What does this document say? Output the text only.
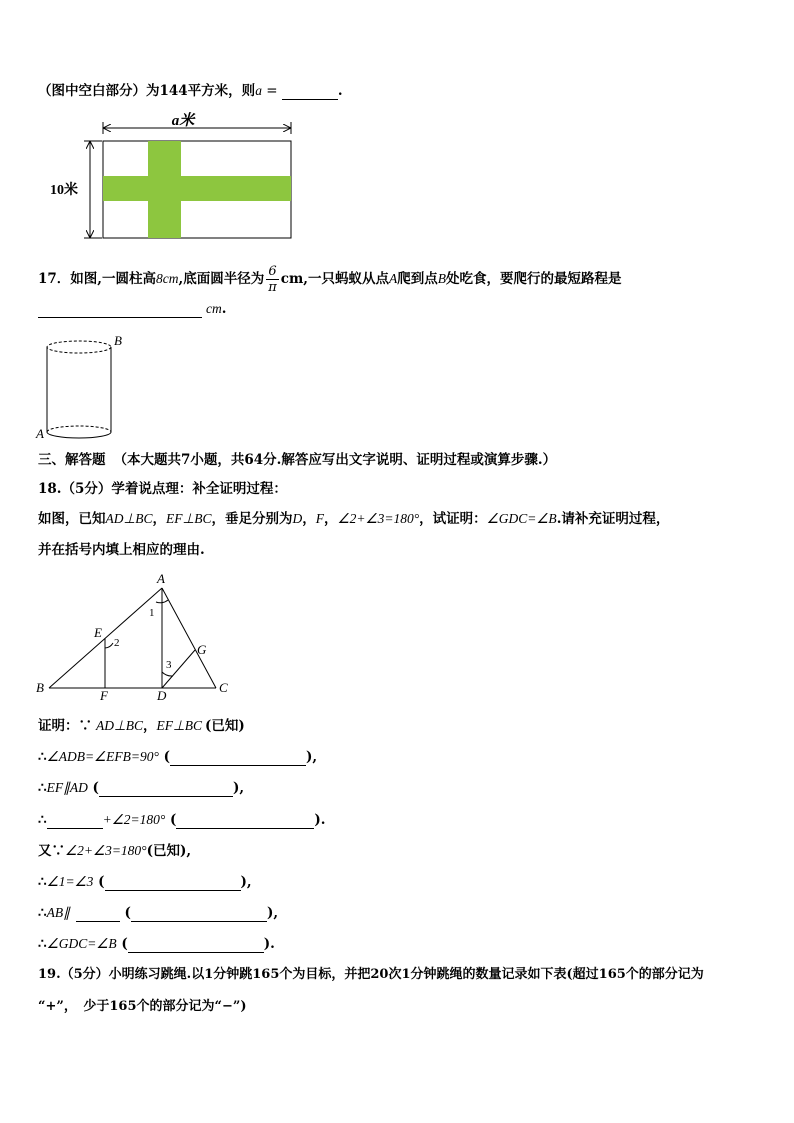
（图中空白部分）为144平方米，则a =	.
a米
10米
17．如图,一圆柱高8cm,底面圆半径为 $\frac{6}{\pi}$ cm,一只蚂蚁从点A爬到点B处吃食，要爬行的最短路程是
cm.
B
A
三、解答题 （本大题共7小题，共64分.解答应写出文字说明、证明过程或演算步骤.）
18.（5分）学着说点理：补全证明过程：
如图，已知AD⊥BC，EF⊥BC，垂足分别为D，F，∠2+∠3=180°，试证明：∠GDC=∠B.请补充证明过程，
并在括号内填上相应的理由.
A
B	C
D
E
F
G
1
2
3
证明：∵ AD⊥BC，EF⊥BC (已知)
∴∠ADB=∠EFB=90° (	),
∴EF∥AD (	),
∴	+∠2=180° (	).
又∵∠2+∠3=180°(已知),
∴∠1=∠3 (	),
∴AB∥	(	),
∴∠GDC=∠B (	).
19.（5分）小明练习跳绳.以1分钟跳165个为目标，并把20次1分钟跳绳的数量记录如下表(超过165个的部分记为
“+”，　少于165个的部分记为“−”)
